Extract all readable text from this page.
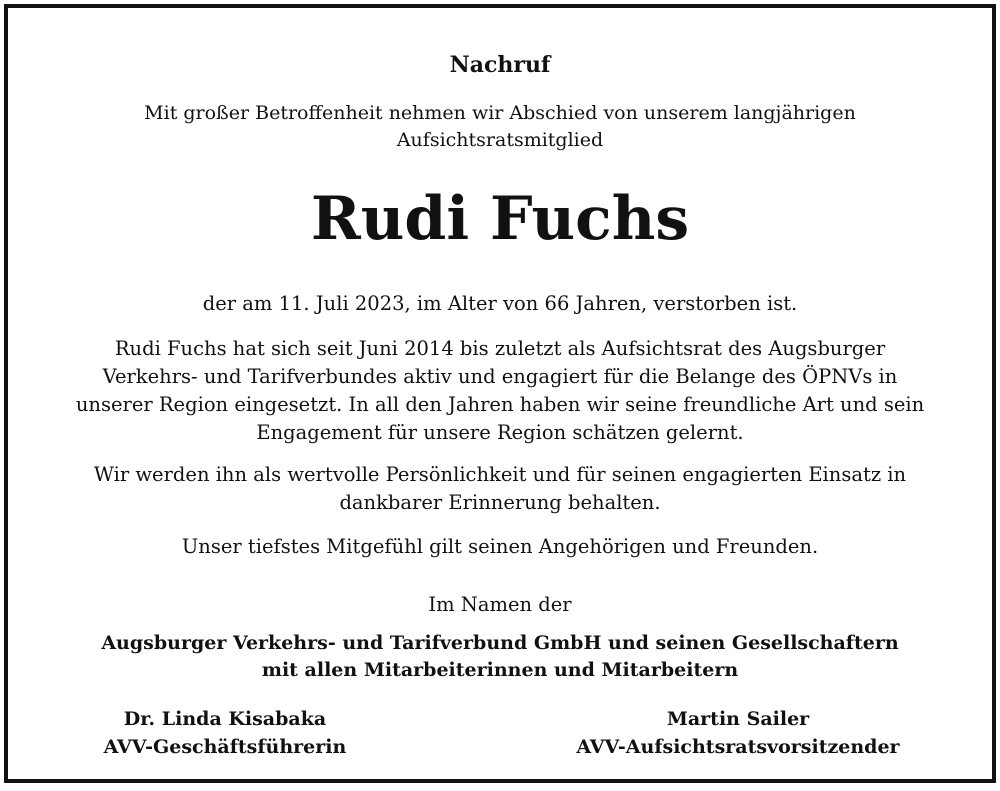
Nachruf
Mit großer Betroffenheit nehmen wir Abschied von unserem langjährigen
Aufsichtsratsmitglied
Rudi Fuchs
der am 11. Juli 2023, im Alter von 66 Jahren, verstorben ist.
Rudi Fuchs hat sich seit Juni 2014 bis zuletzt als Aufsichtsrat des Augsburger
Verkehrs- und Tarifverbundes aktiv und engagiert für die Belange des ÖPNVs in
unserer Region eingesetzt. In all den Jahren haben wir seine freundliche Art und sein
Engagement für unsere Region schätzen gelernt.
Wir werden ihn als wertvolle Persönlichkeit und für seinen engagierten Einsatz in
dankbarer Erinnerung behalten.
Unser tiefstes Mitgefühl gilt seinen Angehörigen und Freunden.
Im Namen der
Augsburger Verkehrs- und Tarifverbund GmbH und seinen Gesellschaftern
mit allen Mitarbeiterinnen und Mitarbeitern
Dr. Linda Kisabaka
AVV-Geschäftsführerin
Martin Sailer
AVV-Aufsichtsratsvorsitzender
